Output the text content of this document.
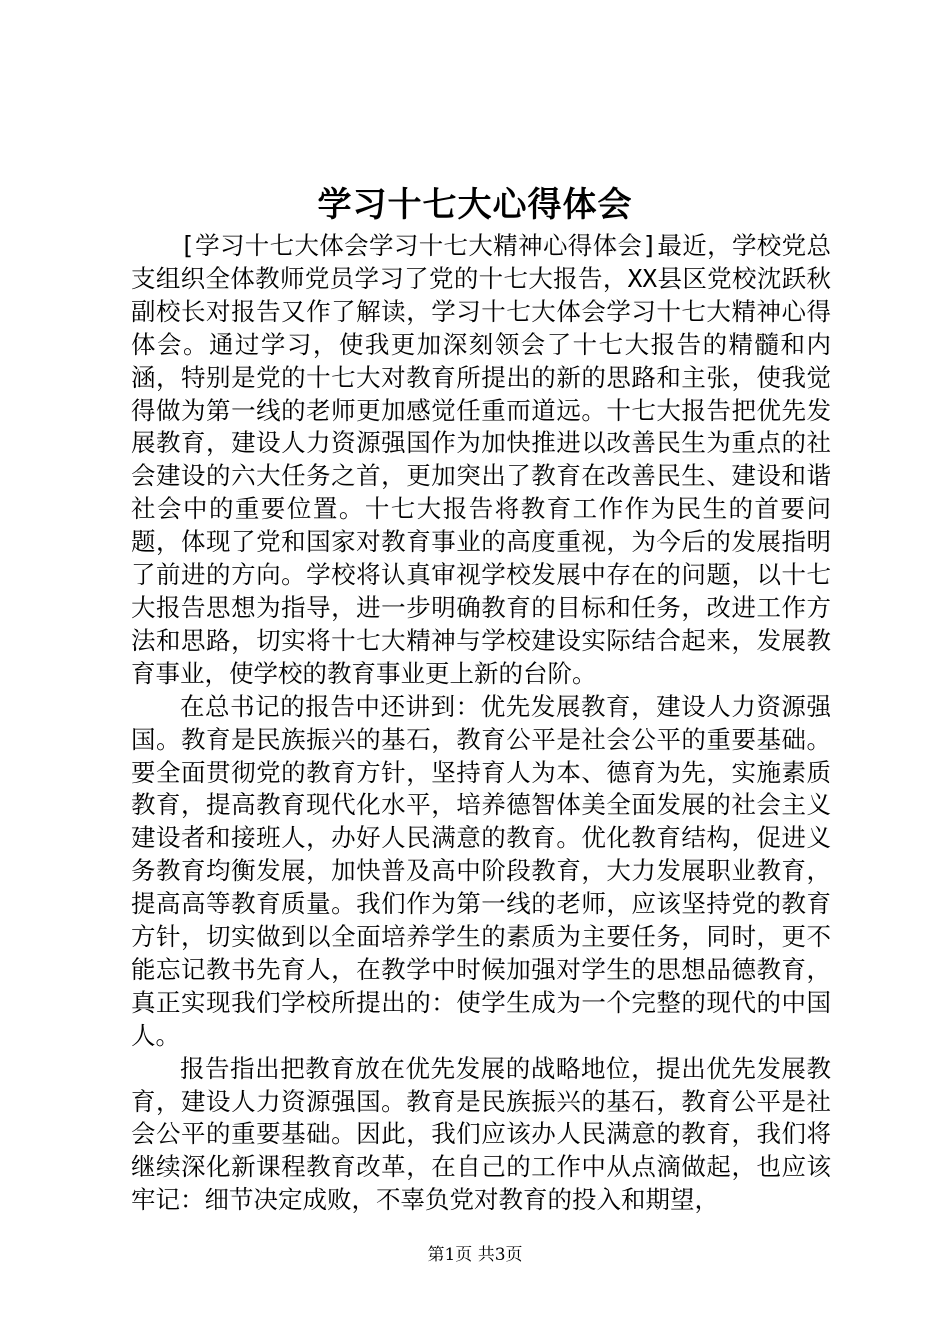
学习十七大心得体会

[学习十七大体会学习十七大精神心得体会]最近，学校党总支组织全体教师党员学习了党的十七大报告，XX县区党校沈跃秋副校长对报告又作了解读，学习十七大体会学习十七大精神心得体会。通过学习，使我更加深刻领会了十七大报告的精髓和内涵，特别是党的十七大对教育所提出的新的思路和主张，使我觉得做为第一线的老师更加感觉任重而道远。十七大报告把优先发展教育，建设人力资源强国作为加快推进以改善民生为重点的社会建设的六大任务之首，更加突出了教育在改善民生、建设和谐社会中的重要位置。十七大报告将教育工作作为民生的首要问题，体现了党和国家对教育事业的高度重视，为今后的发展指明了前进的方向。学校将认真审视学校发展中存在的问题，以十七大报告思想为指导，进一步明确教育的目标和任务，改进工作方法和思路，切实将十七大精神与学校建设实际结合起来，发展教育事业，使学校的教育事业更上新的台阶。

在总书记的报告中还讲到：优先发展教育，建设人力资源强国。教育是民族振兴的基石，教育公平是社会公平的重要基础。要全面贯彻党的教育方针，坚持育人为本、德育为先，实施素质教育，提高教育现代化水平，培养德智体美全面发展的社会主义建设者和接班人，办好人民满意的教育。优化教育结构，促进义务教育均衡发展，加快普及高中阶段教育，大力发展职业教育，提高高等教育质量。我们作为第一线的老师，应该坚持党的教育方针，切实做到以全面培养学生的素质为主要任务，同时，更不能忘记教书先育人，在教学中时候加强对学生的思想品德教育，真正实现我们学校所提出的：使学生成为一个完整的现代的中国人。

报告指出把教育放在优先发展的战略地位，提出优先发展教育，建设人力资源强国。教育是民族振兴的基石，教育公平是社会公平的重要基础。因此，我们应该办人民满意的教育，我们将继续深化新课程教育改革，在自己的工作中从点滴做起，也应该牢记：细节决定成败，不辜负党对教育的投入和期望，

第1页 共3页
